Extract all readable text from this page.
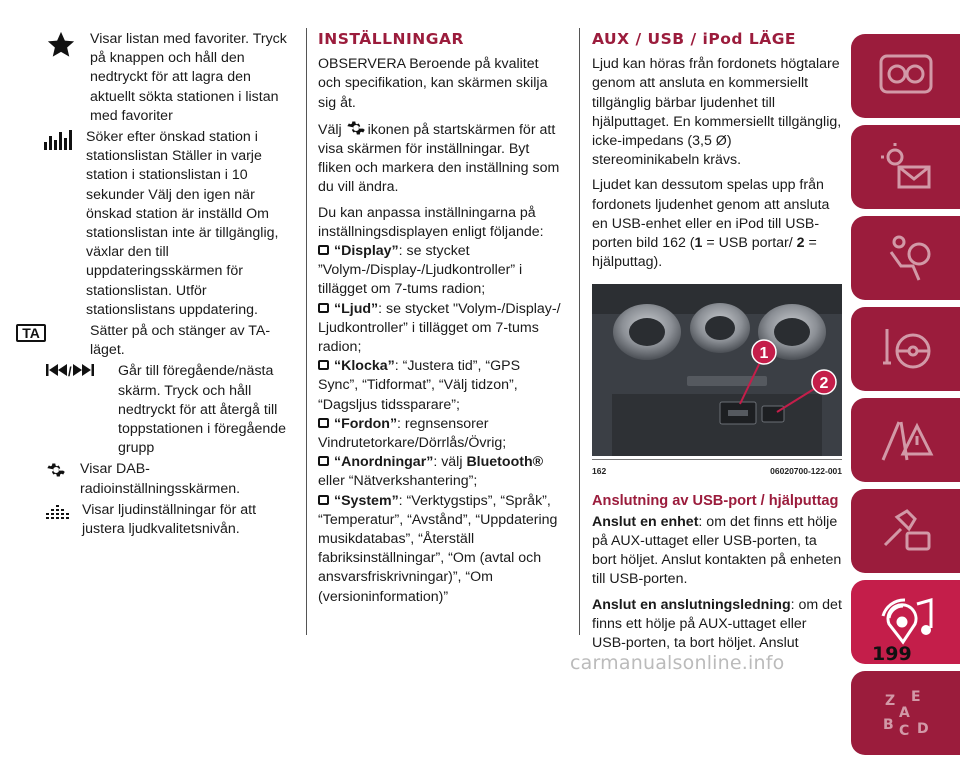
Visar listan med favoriter. Tryck på knappen och håll den nedtryckt för att lagra den aktuellt sökta stationen i listan med favoriter
Söker efter önskad station i stationslistan Ställer in varje station i stationslistan i 10 sekunder Välj den igen när önskad station är inställd Om stationslistan inte är tillgänglig, växlar den till uppdateringsskärmen för stationslistan. Utför stationslistans uppdatering.
TA	Sätter på och stänger av TA-läget.
/	Går till föregående/nästa skärm. Tryck och håll nedtryckt för att återgå till toppstationen i föregående grupp
Visar DAB-radioinställningsskärmen.
Visar ljudinställningar för att justera ljudkvalitetsnivån.
INSTÄLLNINGAR
OBSERVERA Beroende på kvalitet och specifikation, kan skärmen skilja sig åt.
Välj ikonen på startskärmen för att visa skärmen för inställningar. Byt fliken och markera den inställning som du vill ändra.
Du kan anpassa inställningarna på inställningsdisplayen enligt följande:
“Display”: se stycket ”Volym-/Display-/Ljudkontroller” i tillägget om 7-tums radion;
“Ljud”: se stycket "Volym-/Display-/ Ljudkontroller” i tillägget om 7-tums radion;
“Klocka”: “Justera tid”, “GPS Sync”, “Tidformat”, “Välj tidzon”, “Dagsljus tidssparare”;
“Fordon”: regnsensorer Vindrutetorkare/Dörrlås/Övrig;
“Anordningar”: välj Bluetooth® eller “Nätverkshantering”;
“System”: “Verktygstips”, “Språk”, “Temperatur”, “Avstånd”, “Uppdatering musikdatabas”, “Återställ fabriksinställningar”, “Om (avtal och ansvarsfriskrivningar)”, “Om (versioninformation)”
AUX / USB / iPod LÄGE
Ljud kan höras från fordonets högtalare genom att ansluta en kommersiellt tillgänglig bärbar ljudenhet till hjälputtaget. En kommersiellt tillgänglig, icke-impedans (3,5 Ø) stereominikabeln krävs.
Ljudet kan dessutom spelas upp från fordonets ljudenhet genom att ansluta en USB-enhet eller en iPod till USB-porten bild 162 (1 = USB portar/ 2 = hjälputtag).
1
2
162	06020700-122-001
Anslutning av USB-port / hjälputtag
Anslut en enhet: om det finns ett hölje på AUX-uttaget eller USB-porten, ta bort höljet. Anslut kontakten på enheten till USB-porten.
Anslut en anslutningsledning: om det finns ett hölje på AUX-uttaget eller USB-porten, ta bort höljet. Anslut
Z E
A
B C D
199
carmanualsonline.info
